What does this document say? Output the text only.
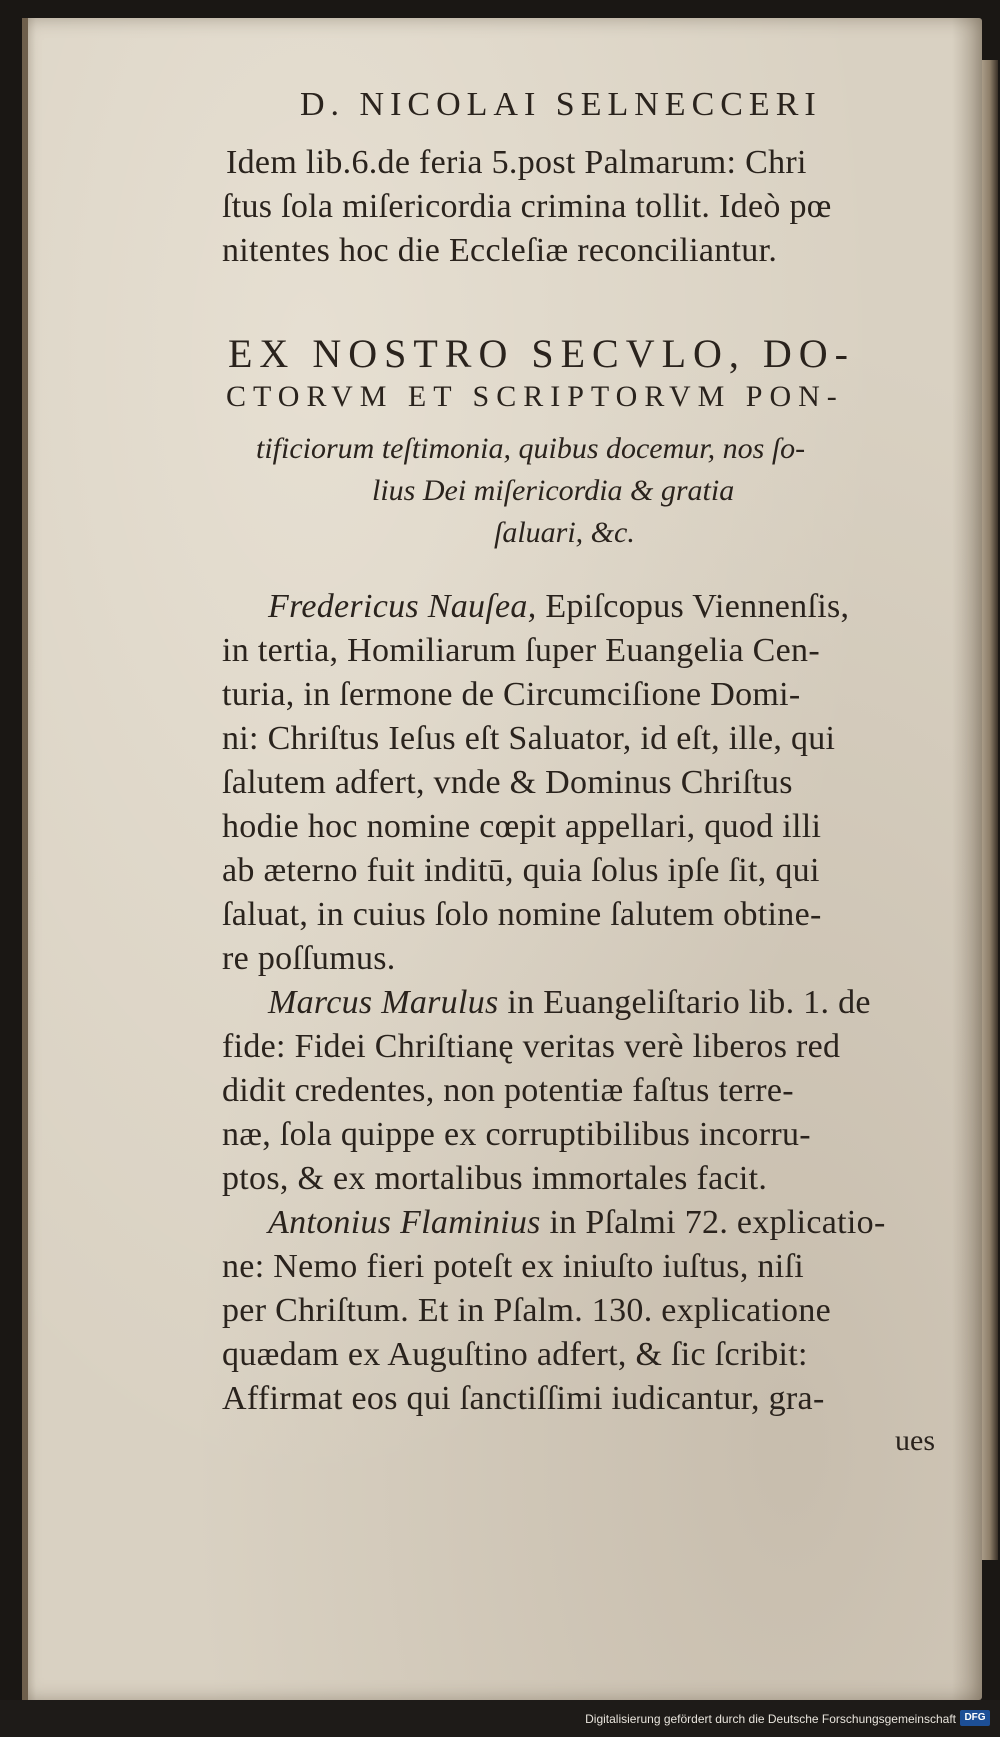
D. NICOLAI SELNECCERI
Idem lib.6.de feria 5.post Palmarum: Chri
ſtus ſola miſericordia crimina tollit. Ideò pœ
nitentes hoc die Eccleſiæ reconciliantur.
EX NOSTRO SECVLO, DO-
CTORVM ET SCRIPTORVM PON-
tificiorum teſtimonia, quibus docemur, nos ſo-
lius Dei miſericordia & gratia
ſaluari, &c.
Fredericus Nauſea, Epiſcopus Viennenſis,
in tertia, Homiliarum ſuper Euangelia Cen-
turia, in ſermone de Circumciſione Domi-
ni: Chriſtus Ieſus eſt Saluator, id eſt, ille, qui
ſalutem adfert, vnde & Dominus Chriſtus
hodie hoc nomine cœpit appellari, quod illi
ab æterno fuit inditū, quia ſolus ipſe ſit, qui
ſaluat, in cuius ſolo nomine ſalutem obtine-
re poſſumus.
Marcus Marulus in Euangeliſtario lib. 1. de
fide: Fidei Chriſtianę veritas verè liberos red
didit credentes, non potentiæ faſtus terre-
næ, ſola quippe ex corruptibilibus incorru-
ptos, & ex mortalibus immortales facit.
Antonius Flaminius in Pſalmi 72. explicatio-
ne: Nemo fieri poteſt ex iniuſto iuſtus, niſi
per Chriſtum. Et in Pſalm. 130. explicatione
quædam ex Auguſtino adfert, & ſic ſcribit:
Affirmat eos qui ſanctiſſimi iudicantur, gra-
ues
Digitalisierung gefördert durch die Deutsche Forschungsgemeinschaft DFG
